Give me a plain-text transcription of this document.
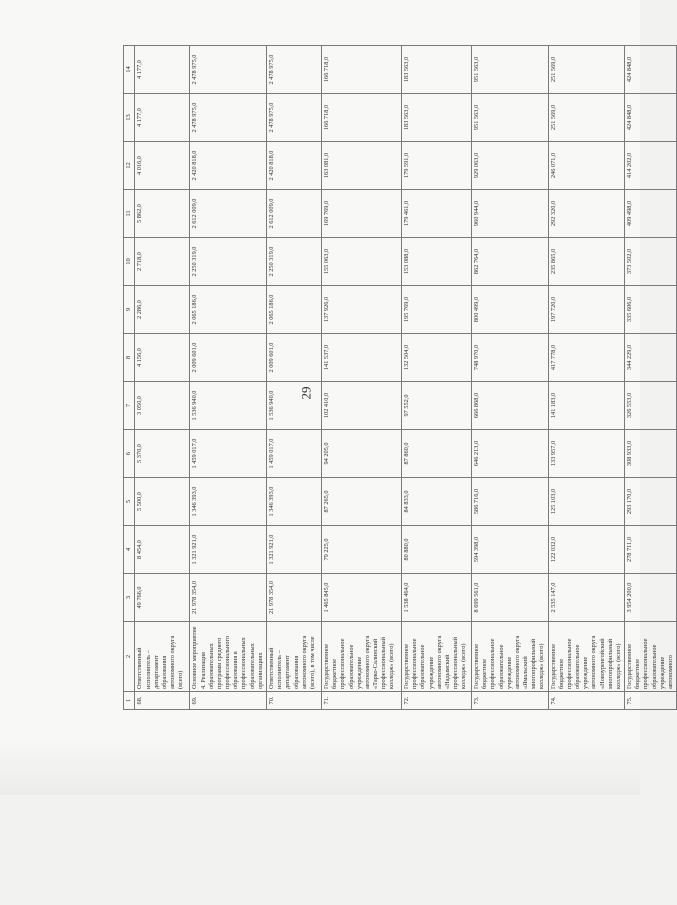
29
1	2	3	4	5	6	7	8	9	10	11	12	13	14
68.	Ответственный исполнитель – департамент образования автономного округа (всего)	49 766,0	8 454,0	5 500,0	5 370,0	3 050,0	4 156,0	2 286,0	2 718,0	5 862,0	4 016,0	4 177,0	4 177,0
69.	Основное мероприятие 4. Реализация образовательных программ среднего профессионального образования в профессиональных образовательных организациях	21 978 354,0	1 321 921,0	1 346 393,0	1 459 017,0	1 536 940,0	2 009 601,0	2 065 186,0	2 250 319,0	2 612 009,0	2 420 818,0	2 478 975,0	2 478 975,0
70.	Ответственный исполнитель – департамент образования автономного округа (всего), в том числе	21 978 354,0	1 321 921,0	1 346 393,0	1 459 017,0	1 536 940,0	2 009 601,0	2 065 186,0	2 250 319,0	2 612 009,0	2 420 818,0	2 478 975,0	2 478 975,0
71.	Государственное бюджетное профессиональное образовательное учреждение автономного округа «Тарко-Салинский профессиональный колледж» (всего)	1 465 845,0	79 225,0	87 265,0	94 205,0	102 410,0	141 537,0	137 926,0	155 063,0	169 769,0	163 081,0	166 718,0	166 718,0
72.	Государственное профессиональное образовательное учреждение автономного округа «Надымский профессиональный колледж» (всего)	1 538 464,0	80 880,0	84 833,0	87 860,0	97 552,0	132 504,0	195 769,0	153 088,0	179 461,0	179 591,0	183 563,0	183 563,0
73.	Государственное бюджетное профессиональное образовательное учреждение автономного округа «Ямальский многопрофильный колледж» (всего)	8 699 561,0	594 398,0	586 716,0	646 213,0	666 868,0	748 970,0	800 499,0	862 764,0	960 944,0	929 063,0	951 563,0	951 563,0
74.	Государственное бюджетное профессиональное образовательное учреждение автономного округа «Новоуренгойский многопрофильный колледж» (всего)	2 535 147,0	122 032,0	125 103,0	133 957,0	141 183,0	417 778,0	197 720,0	235 865,0	292 320,0	246 071,0	251 569,0	251 569,0
75.	Государственное бюджетное профессиональное образовательное учреждение автономного	3 954 200,0	278 711,0	293 170,0	308 933,0	326 553,0	344 229,0	335 606,0	373 502,0	409 498,0	414 202,0	424 848,0	424 848,0
